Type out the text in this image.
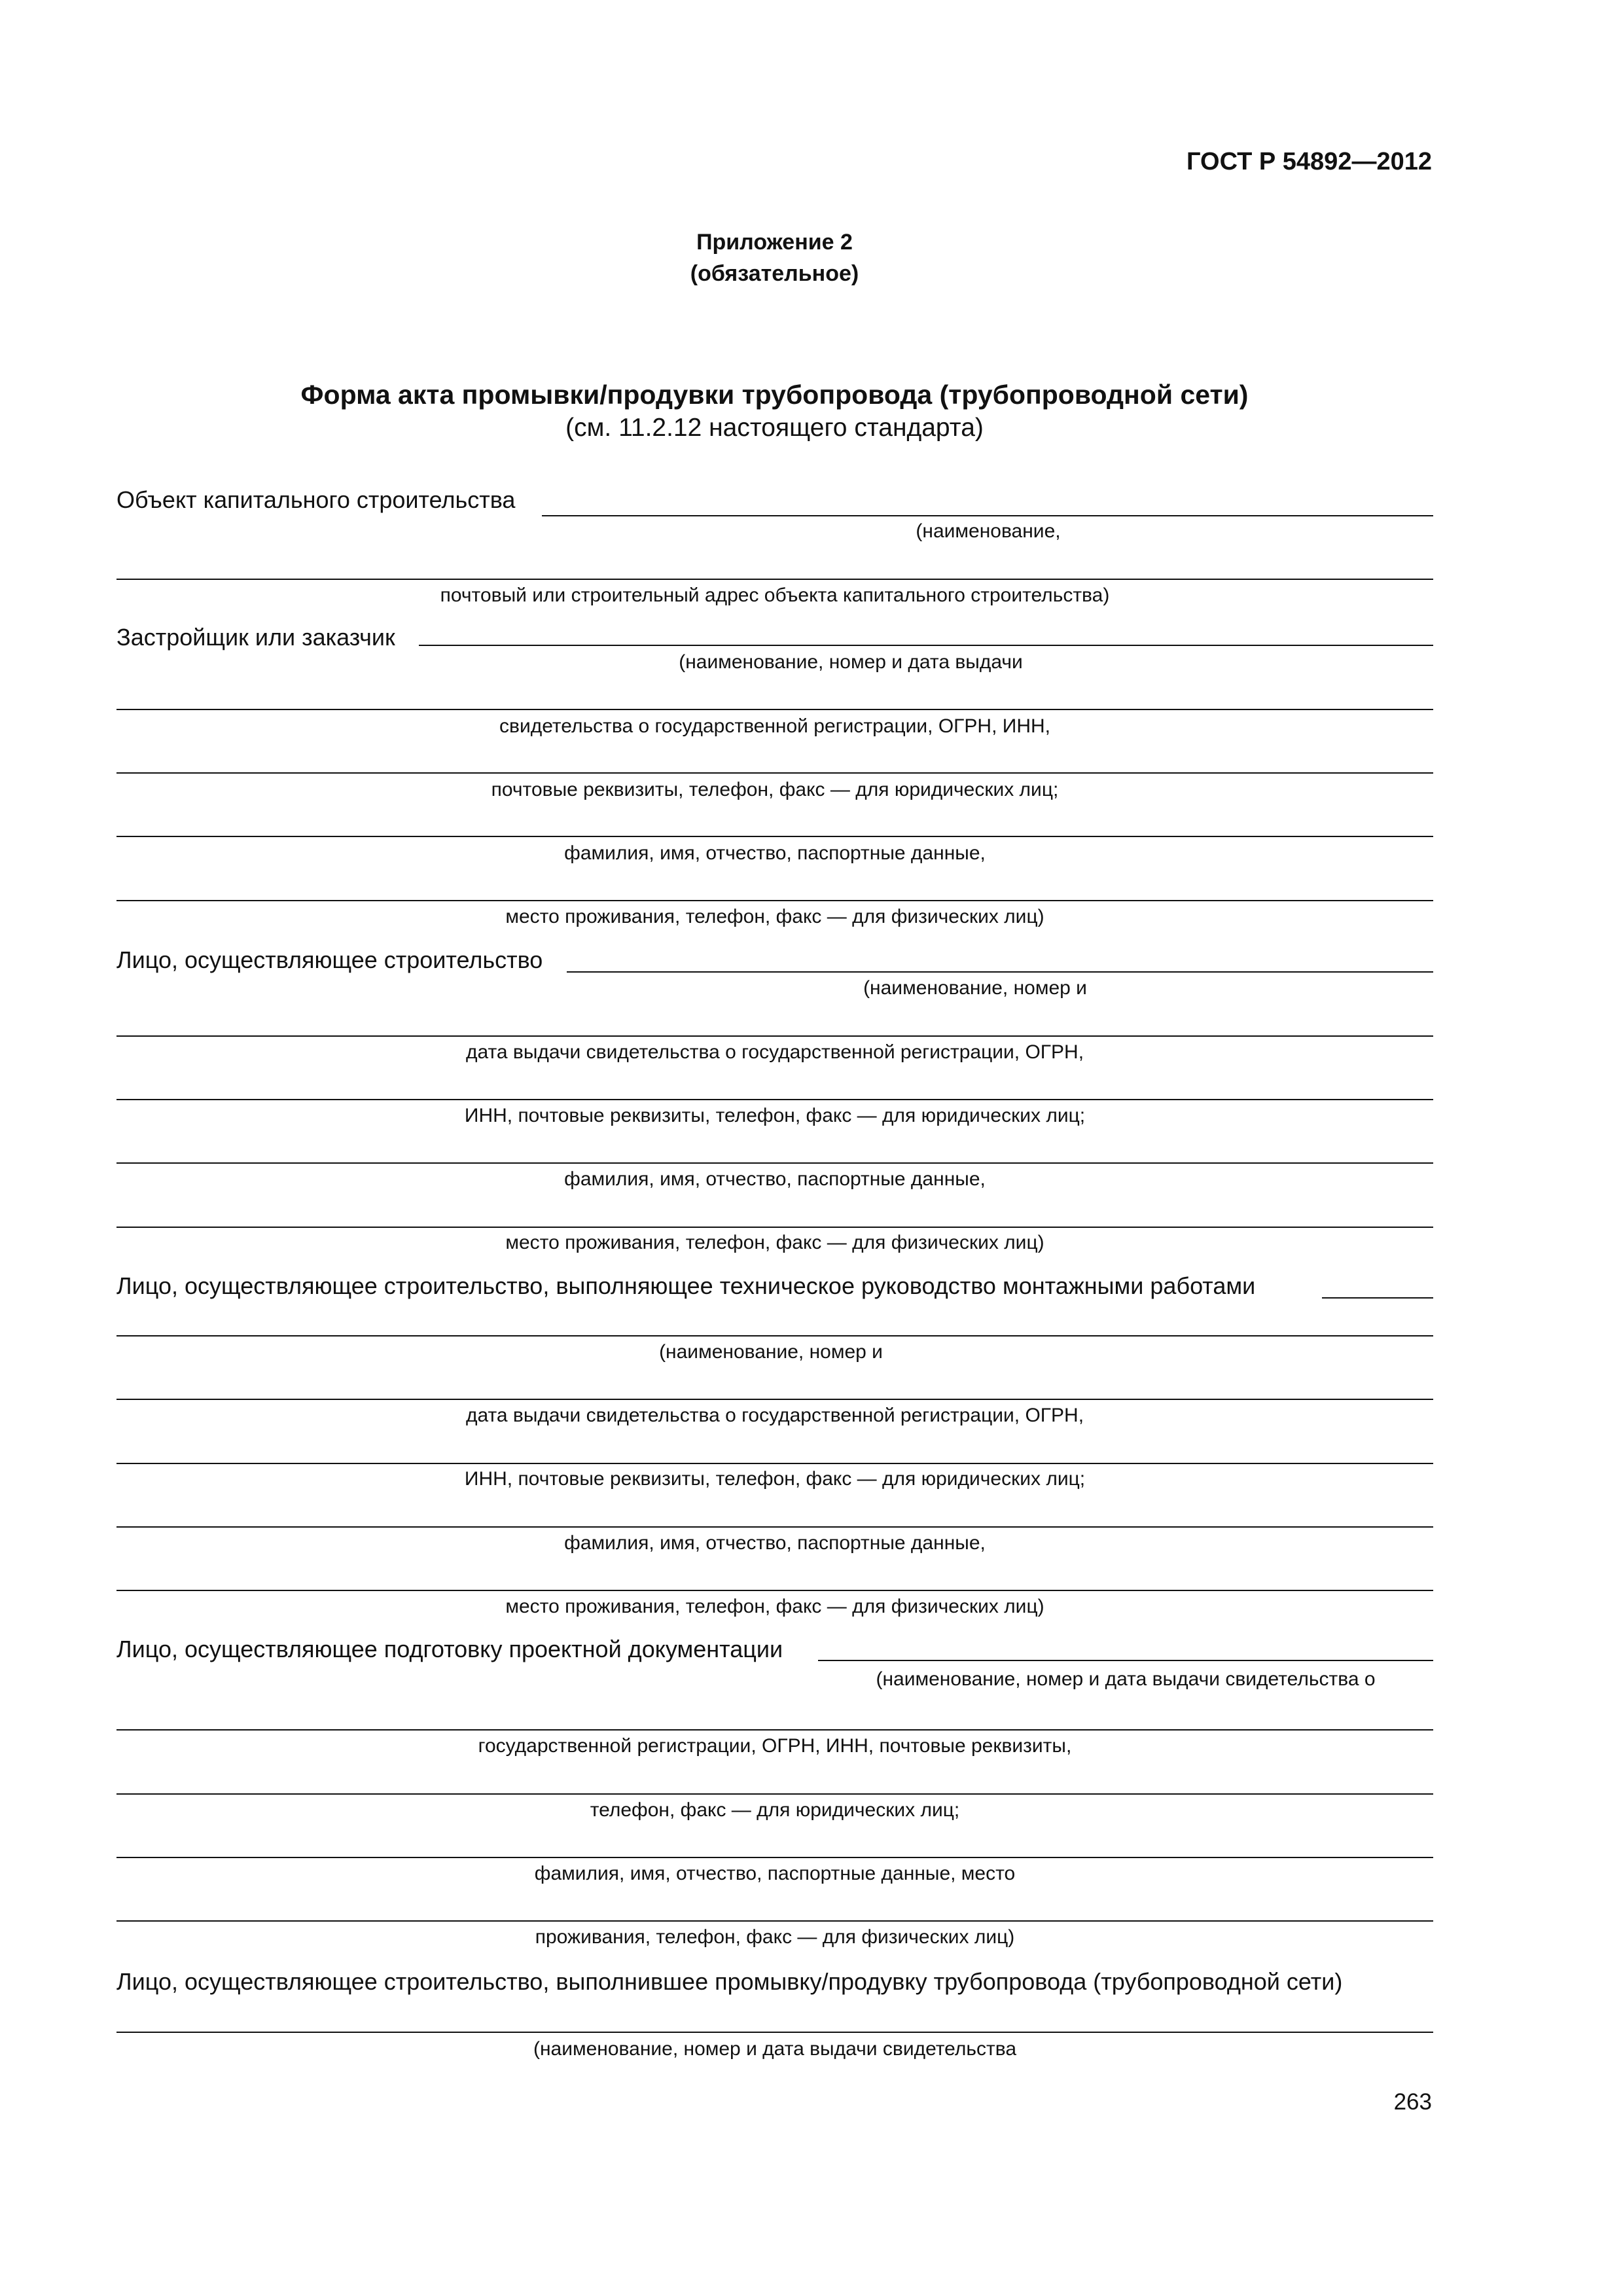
ГОСТ Р 54892—2012
Приложение 2
(обязательное)
Форма акта промывки/продувки трубопровода (трубопроводной сети)
(см. 11.2.12 настоящего стандарта)
Объект капитального строительства
(наименование,
почтовый или строительный адрес объекта капитального строительства)
Застройщик или заказчик
(наименование, номер и дата выдачи
свидетельства о государственной регистрации, ОГРН, ИНН,
почтовые реквизиты, телефон, факс — для юридических лиц;
фамилия, имя, отчество, паспортные данные,
место проживания, телефон, факс — для физических лиц)
Лицо, осуществляющее строительство
(наименование, номер и
дата выдачи свидетельства о государственной регистрации, ОГРН,
ИНН, почтовые реквизиты, телефон, факс — для юридических лиц;
фамилия, имя, отчество, паспортные данные,
место проживания, телефон, факс — для физических лиц)
Лицо, осуществляющее строительство, выполняющее техническое руководство монтажными работами
(наименование, номер и
дата выдачи свидетельства о государственной регистрации, ОГРН,
ИНН, почтовые реквизиты, телефон, факс — для юридических лиц;
фамилия, имя, отчество, паспортные данные,
место проживания, телефон, факс — для физических лиц)
Лицо, осуществляющее подготовку проектной документации
(наименование, номер и дата выдачи свидетельства о
государственной регистрации, ОГРН, ИНН, почтовые реквизиты,
телефон, факс — для юридических лиц;
фамилия, имя, отчество, паспортные данные, место
проживания, телефон, факс — для физических лиц)
Лицо, осуществляющее строительство, выполнившее промывку/продувку трубопровода (трубопроводной сети)
(наименование, номер и дата выдачи свидетельства
263
